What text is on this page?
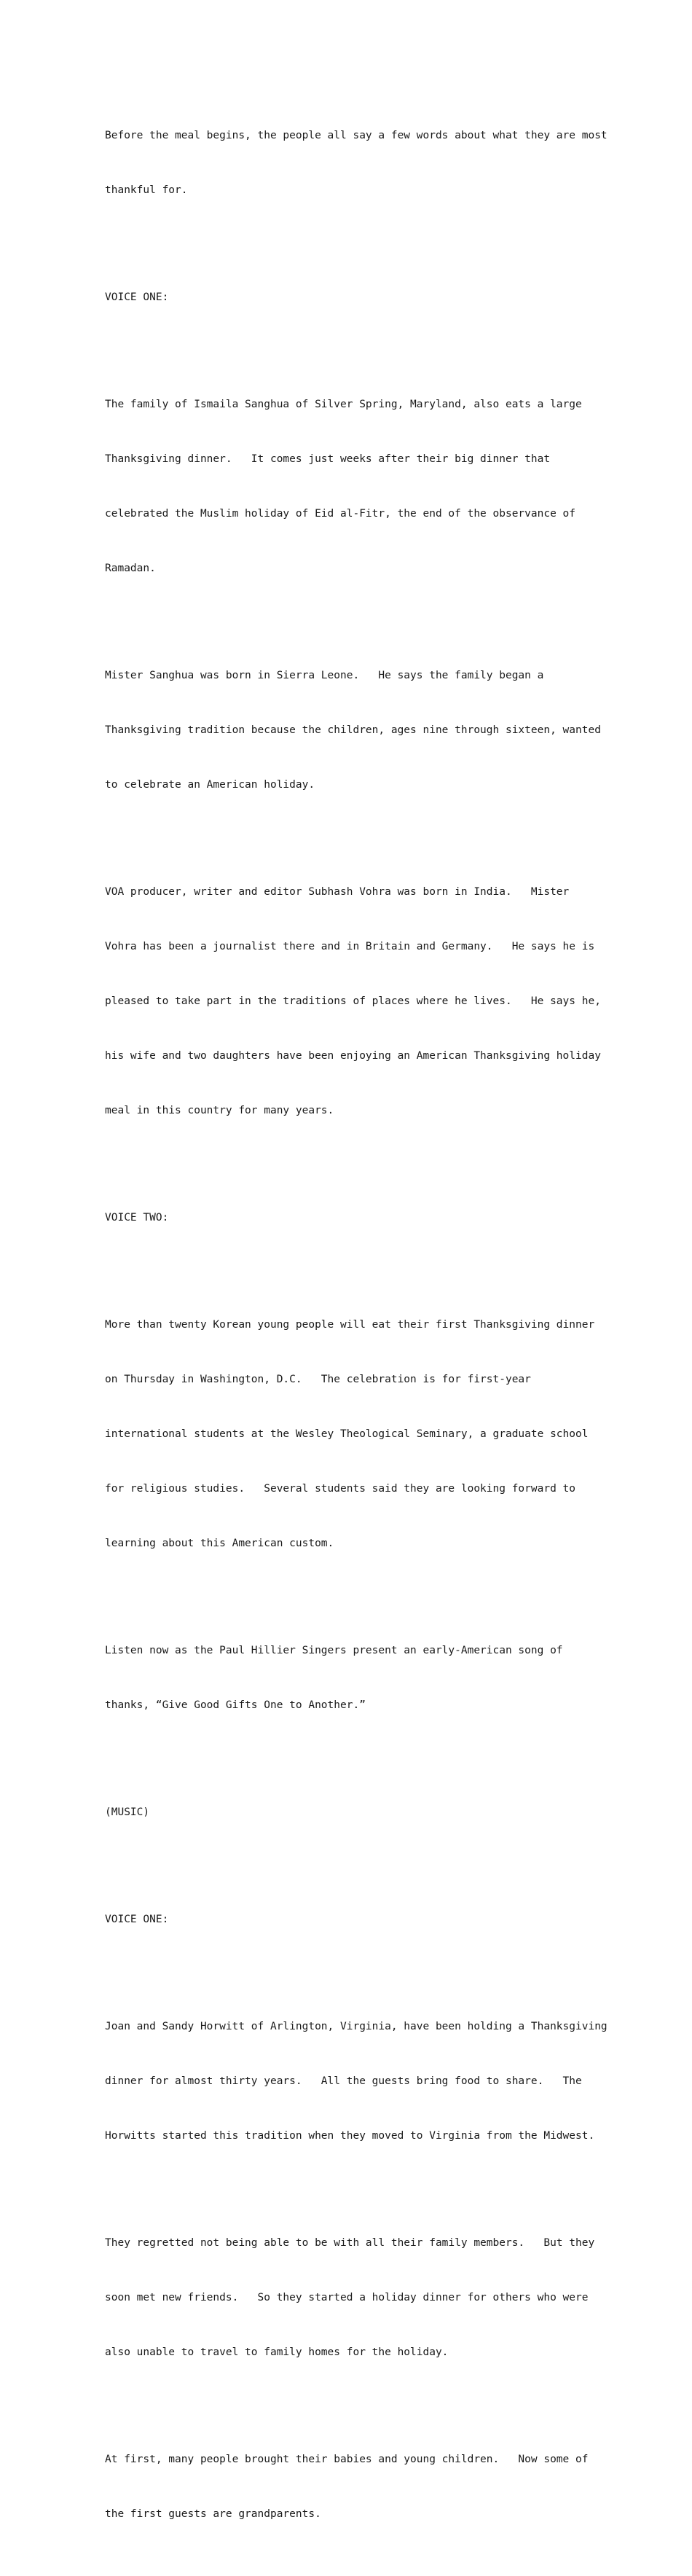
Before the meal begins, the people all say a few words about what they are most

thankful for.

VOICE ONE:

The family of Ismaila Sanghua of Silver Spring, Maryland, also eats a large

Thanksgiving dinner.   It comes just weeks after their big dinner that

celebrated the Muslim holiday of Eid al-Fitr, the end of the observance of

Ramadan.

Mister Sanghua was born in Sierra Leone.   He says the family began a

Thanksgiving tradition because the children, ages nine through sixteen, wanted

to celebrate an American holiday.

VOA producer, writer and editor Subhash Vohra was born in India.   Mister

Vohra has been a journalist there and in Britain and Germany.   He says he is

pleased to take part in the traditions of places where he lives.   He says he,

his wife and two daughters have been enjoying an American Thanksgiving holiday

meal in this country for many years.

VOICE TWO:

More than twenty Korean young people will eat their first Thanksgiving dinner

on Thursday in Washington, D.C.   The celebration is for first-year

international students at the Wesley Theological Seminary, a graduate school

for religious studies.   Several students said they are looking forward to

learning about this American custom.

Listen now as the Paul Hillier Singers present an early-American song of

thanks, “Give Good Gifts One to Another.”

(MUSIC)

VOICE ONE:

Joan and Sandy Horwitt of Arlington, Virginia, have been holding a Thanksgiving

dinner for almost thirty years.   All the guests bring food to share.   The

Horwitts started this tradition when they moved to Virginia from the Midwest.

They regretted not being able to be with all their family members.   But they

soon met new friends.   So they started a holiday dinner for others who were

also unable to travel to family homes for the holiday.

At first, many people brought their babies and young children.   Now some of

the first guests are grandparents.
